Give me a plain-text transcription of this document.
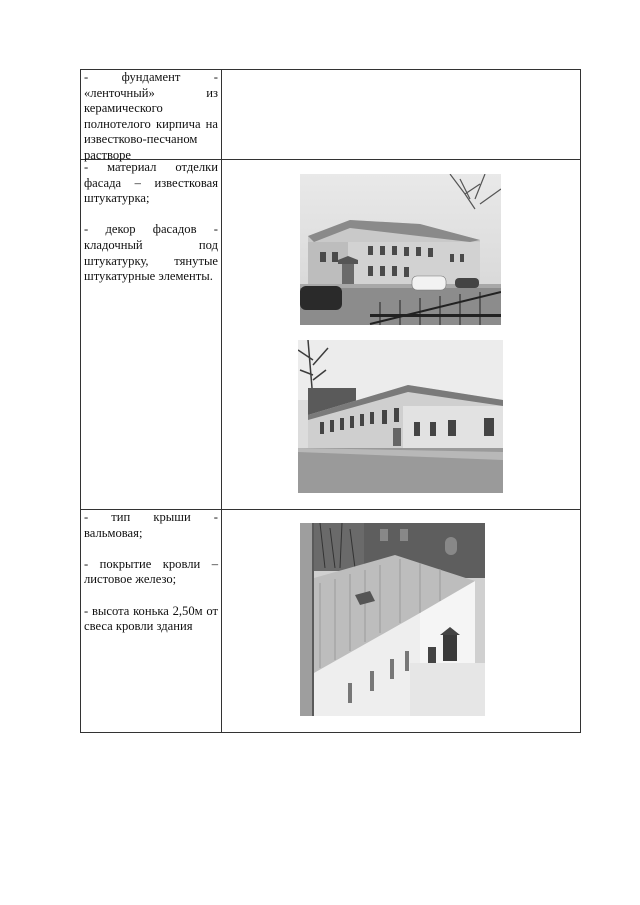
- фундамент - «ленточный» из керамического полнотелого кирпича на известково-песчаном растворе

- материал отделки фасада – известковая штукатурка;

- декор фасадов - кладочный под штукатурку, тянутые штукатурные элементы.

- тип крыши - вальмовая;

- покрытие кровли – листовое железо;

- высота конька 2,50м от свеса кровли здания
